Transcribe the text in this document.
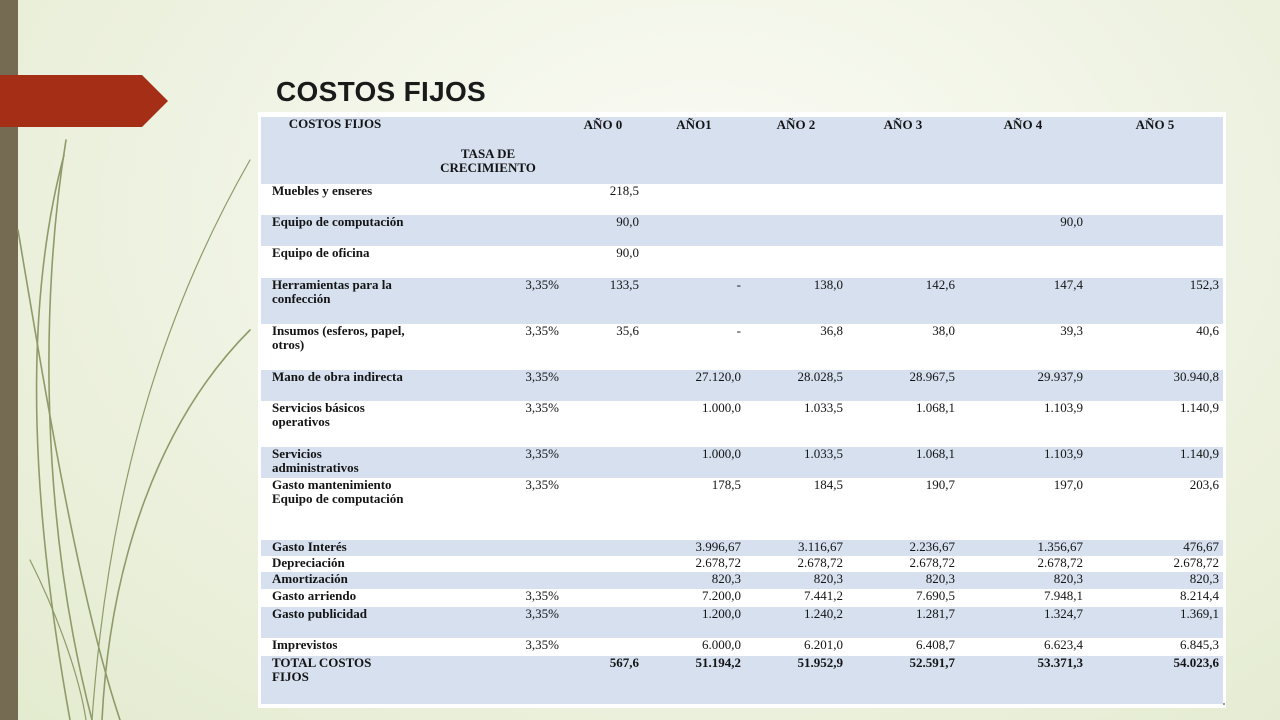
COSTOS FIJOS
COSTOS FIJOS		AÑO 0	AÑO1	AÑO 2	AÑO 3	AÑO 4	AÑO 5
	TASA DE CRECIMIENTO						
Muebles y enseres		218,5					
Equipo de computación		90,0				90,0	
Equipo de oficina		90,0					
Herramientas para la confección	3,35%	133,5	-	138,0	142,6	147,4	152,3
Insumos (esferos, papel, otros)	3,35%	35,6	-	36,8	38,0	39,3	40,6
Mano de obra indirecta	3,35%		27.120,0	28.028,5	28.967,5	29.937,9	30.940,8
Servicios básicos operativos	3,35%		1.000,0	1.033,5	1.068,1	1.103,9	1.140,9
Servicios administrativos	3,35%		1.000,0	1.033,5	1.068,1	1.103,9	1.140,9
Gasto mantenimiento Equipo de computación	3,35%		178,5	184,5	190,7	197,0	203,6
Gasto Interés			3.996,67	3.116,67	2.236,67	1.356,67	476,67
Depreciación			2.678,72	2.678,72	2.678,72	2.678,72	2.678,72
Amortización			820,3	820,3	820,3	820,3	820,3
Gasto arriendo	3,35%		7.200,0	7.441,2	7.690,5	7.948,1	8.214,4
Gasto publicidad	3,35%		1.200,0	1.240,2	1.281,7	1.324,7	1.369,1
Imprevistos	3,35%		6.000,0	6.201,0	6.408,7	6.623,4	6.845,3
TOTAL COSTOS FIJOS		567,6	51.194,2	51.952,9	52.591,7	53.371,3	54.023,6
